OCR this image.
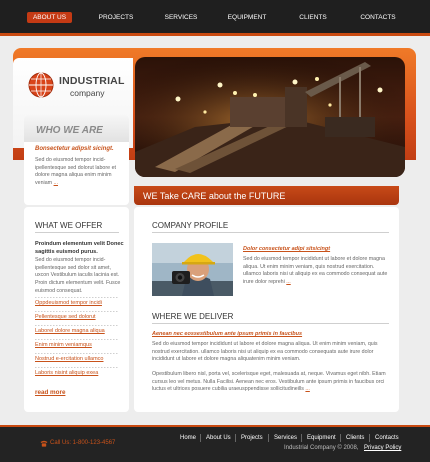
ABOUT US	PROJECTS	SERVICES	EQUIPMENT	CLIENTS	CONTACTS
INDUSTRIAL
company
WHO WE ARE
Bonsectetur adipsit sicingt.
Sed do eiusmod tempor incid-ipellentesque sed dolorut labore et dolore magna aliqua enim minim veniam ...
WE Take CARE about the FUTURE
WHAT WE OFFER
Proindum elementum velit Donec sagittis euismod purus.
Sed do eiusmod tempor incid-ipellentesque sed dolor sit amet, uxcon Vestibulum iaculis lacinia est. Proin dictum elementum velit. Fusce euismod consequat.
Oppdeuismod tempor incidi
Pellentesque sed dolorut
Laborel dolore magna aliqua
Enim minim veniamqus
Nostrud e-ercitation ullamco
Laboris nisint aliquip exea
read more
COMPANY PROFILE
Dolor consectetur adipi sitsicingt
Sed do eiusmod tempor incididunt ut labore et dolore magna aliqua. Ut enim minim veniam, quis nostrud exercitation. ullamco laboris nisi ut aliquip ex ea commodo consequat aute irure dolor reprehi ...
WHERE WE DELIVER
Aenean nec eossestibulum ante ipsum primis in faucibus
Sed do eiusmod tempor incididunt ut labore et dolore magna aliqua. Ut enim minim veniam, quis nostrud exercitation. ullamco laboris nisi ut aliquip ex ea commodo consequats aute irure dolor incididunt ut labore et dolore magna aliquatenim minim veniam.
Opestibulum libero nisl, porta vel, scelerisque eget, malesuada at, neque. Vivamus eget nibh. Etiam cursus leo vel metus. Nulla Facilisi. Aenean nec eros. Vestibulum ante ipsum primis in faucibus orci luctus et ultrices posuere cubilia uraeusppendisse sollicitudineills ...
Call Us: 1-800-123-4567
Home About Us Projects Services Equipment Clients Contacts
Industrial Company © 2008, Privacy Policy
